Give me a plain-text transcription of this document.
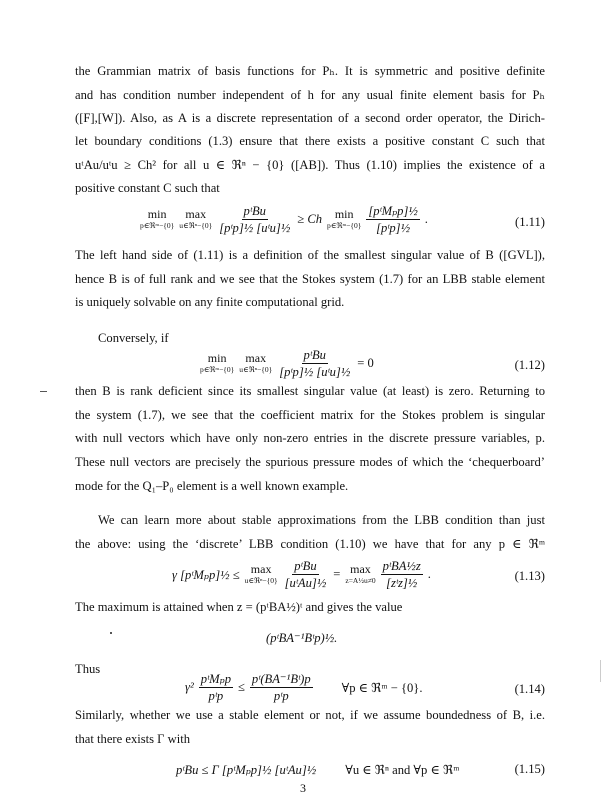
the Grammian matrix of basis functions for Pₕ. It is symmetric and positive definite
and has condition number independent of h for any usual finite element basis for Pₕ
([F],[W]). Also, as A is a discrete representation of a second order operator, the Dirich-
let boundary conditions (1.3) ensure that there exists a positive constant C such that
uᵗAu/uᵗu ≥ Ch² for all u ∈ ℜⁿ − {0} ([AB]). Thus (1.10) implies the existence of a
positive constant C such that
min
p∈ℜᵐ−{0}
max
u∈ℜⁿ−{0} $\frac{\text{pᵗBu}}{\text{[pᵗp]½ [uᵗu]½}} \ge Ch$ min
p∈ℜᵐ−{0} $\frac{\text{[pᵗMₚp]½}}{\text{[pᵗp]½}}$ .	(1.11)
The left hand side of (1.11) is a definition of the smallest singular value of B ([GVL]),
hence B is of full rank and we see that the Stokes system (1.7) for an LBB stable element
is uniquely solvable on any finite computational grid.
Conversely, if
min
p∈ℜᵐ−{0}
max
u∈ℜⁿ−{0} $\frac{\text{pᵗBu}}{\text{[pᵗp]½ [uᵗu]½}} = 0$	(1.12)
then B is rank deficient since its smallest singular value (at least) is zero. Returning to
the system (1.7), we see that the coefficient matrix for the Stokes problem is singular
with null vectors which have only non-zero entries in the discrete pressure variables, p.
These null vectors are precisely the spurious pressure modes of which the ‘chequerboard’
mode for the Q₁–P₀ element is a well known example.
We can learn more about stable approximations from the LBB condition than just
the above: using the ‘discrete’ LBB condition (1.10) we have that for any p ∈ ℜᵐ
γ [pᵗMₚp]½ ≤ max
u∈ℜⁿ−{0} $\frac{\text{pᵗBu}}{\text{[uᵗAu]½}} = \max$
z=A½u≠0 $\frac{\text{pᵗBA½z}}{\text{[zᵗz]½}}$ .	(1.13)
The maximum is attained when z = (pᵗBA½)ᵗ and gives the value
(pᵗBA⁻¹Bᵗp)½.
Thus
$\gamma^2 \frac{\text{pᵗMₚp}}{\text{pᵗp}} \le \frac{\text{pᵗ(BA⁻¹Bᵗ)p}}{\text{pᵗp}}$ ∀p ∈ ℜᵐ − {0}.	(1.14)
Similarly, whether we use a stable element or not, if we assume boundedness of B, i.e.
that there exists Γ with
pᵗBu ≤ Γ [pᵗMₚp]½ [uᵗAu]½ ∀u ∈ ℜⁿ and ∀p ∈ ℜᵐ	(1.15)
3
